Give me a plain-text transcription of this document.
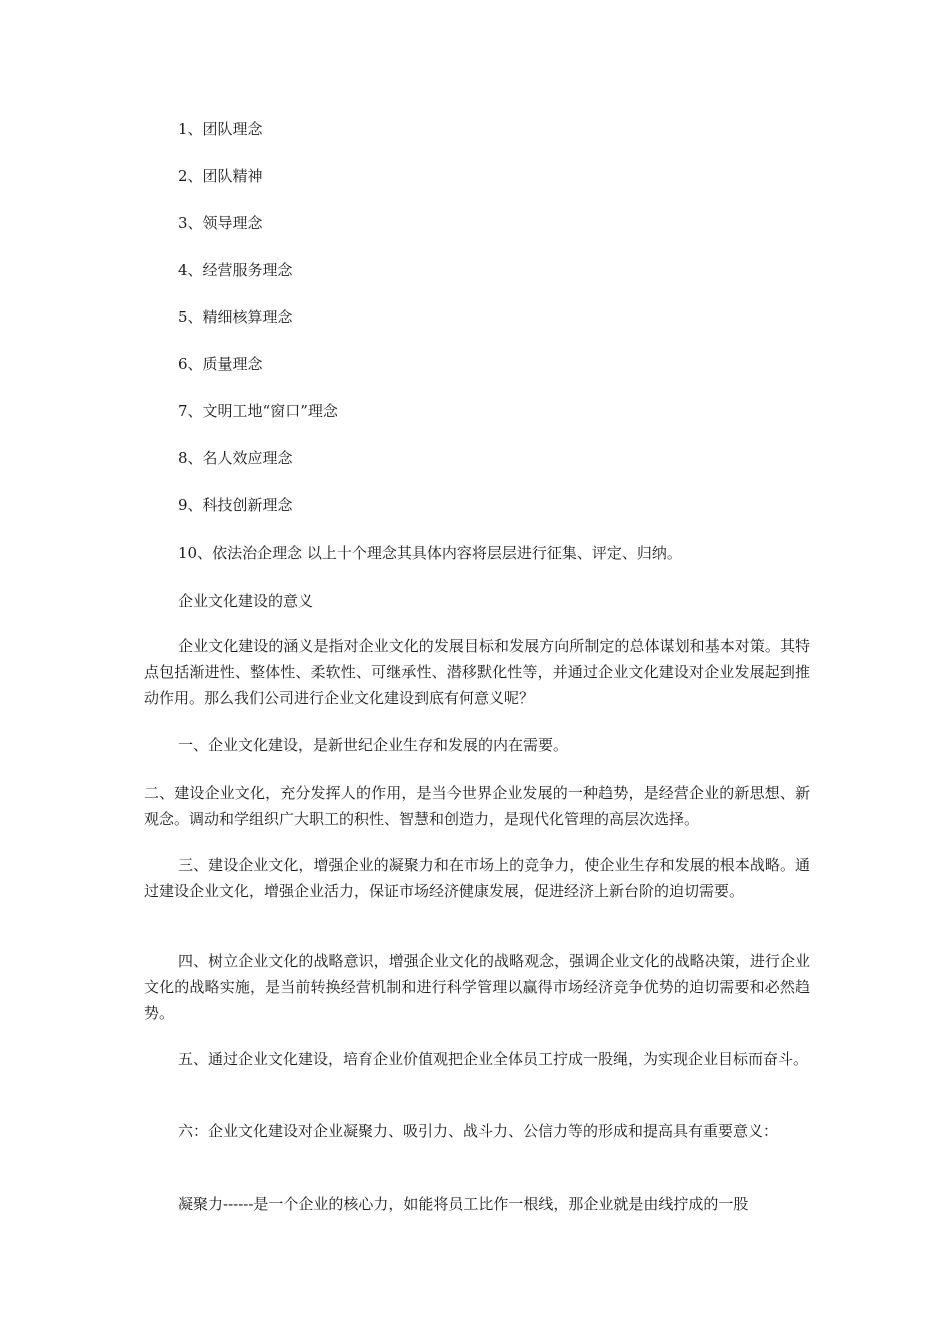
1、团队理念
2、团队精神
3、领导理念
4、经营服务理念
5、精细核算理念
6、质量理念
7、文明工地“窗口”理念
8、名人效应理念
9、科技创新理念
10、依法治企理念 以上十个理念其具体内容将层层进行征集、评定、归纳。
企业文化建设的意义
企业文化建设的涵义是指对企业文化的发展目标和发展方向所制定的总体谋划和基本对策。其特点包括渐进性、整体性、柔软性、可继承性、潜移默化性等，并通过企业文化建设对企业发展起到推动作用。那么我们公司进行企业文化建设到底有何意义呢？
一、企业文化建设，是新世纪企业生存和发展的内在需要。
二、建设企业文化，充分发挥人的作用，是当今世界企业发展的一种趋势，是经营企业的新思想、新观念。调动和学组织广大职工的积性、智慧和创造力，是现代化管理的高层次选择。
三、建设企业文化，增强企业的凝聚力和在市场上的竞争力，使企业生存和发展的根本战略。通过建设企业文化，增强企业活力，保证市场经济健康发展，促进经济上新台阶的迫切需要。
四、树立企业文化的战略意识，增强企业文化的战略观念，强调企业文化的战略决策，进行企业文化的战略实施，是当前转换经营机制和进行科学管理以赢得市场经济竞争优势的迫切需要和必然趋势。
五、通过企业文化建设，培育企业价值观把企业全体员工拧成一股绳，为实现企业目标而奋斗。
六：企业文化建设对企业凝聚力、吸引力、战斗力、公信力等的形成和提高具有重要意义：
凝聚力------是一个企业的核心力，如能将员工比作一根线，那企业就是由线拧成的一股
